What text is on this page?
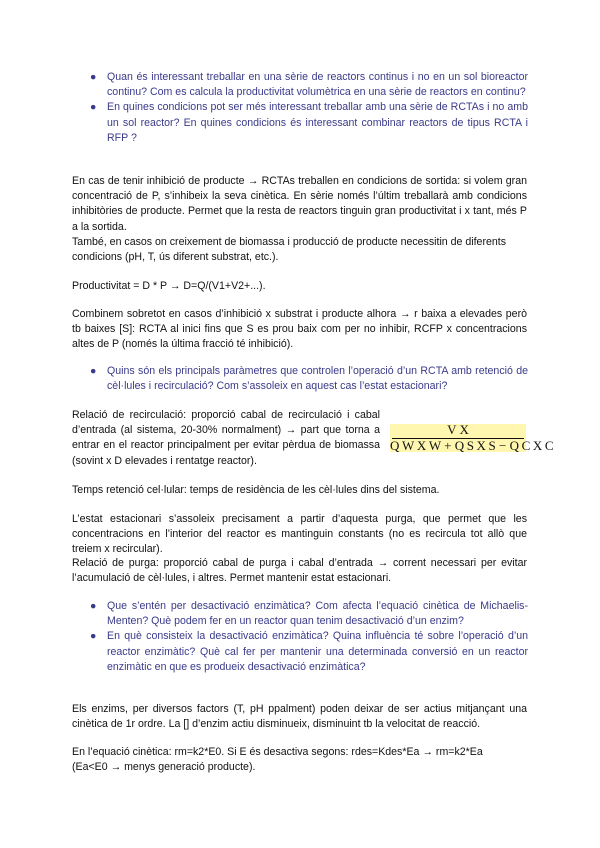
● Quan és interessant treballar en una sèrie de reactors continus i no en un sol bioreactor continu? Com es calcula la productivitat volumètrica en una sèrie de reactors en continu?
● En quines condicions pot ser més interessant treballar amb una sèrie de RCTAs i no amb un sol reactor? En quines condicions és interessant combinar reactors de tipus RCTA i RFP ?

En cas de tenir inhibició de producte → RCTAs treballen en condicions de sortida: si volem gran concentració de P, s’inhibeix la seva cinètica. En sèrie només l’últim treballarà amb condicions inhibitòries de producte. Permet que la resta de reactors tinguin gran productivitat i x tant, més P a la sortida.

També, en casos on creixement de biomassa i producció de producte necessitin de diferents condicions (pH, T, ús diferent substrat, etc.).

Productivitat = D * P → D=Q/(V1+V2+...).

Combinem sobretot en casos d’inhibició x substrat i producte alhora → r baixa a elevades però tb baixes [S]: RCTA al inici fins que S es prou baix com per no inhibir, RCFP x concentracions altes de P (només la última fracció té inhibició).

● Quins són els principals paràmetres que controlen l’operació d’un RCTA amb retenció de cèl·lules i recirculació? Com s’assoleix en aquest cas l’estat estacionari?

Relació de recirculació: proporció cabal de recirculació i cabal d’entrada (al sistema, 20-30% normalment) → part que torna a entrar en el reactor principalment per evitar pèrdua de biomassa (sovint x D elevades i rentatge reactor).

V X
Q W X W + Q S X S − Q C X C

Temps retenció cel·lular: temps de residència de les cèl·lules dins del sistema.

L’estat estacionari s’assoleix precisament a partir d’aquesta purga, que permet que les concentracions en l’interior del reactor es mantinguin constants (no es recircula tot allò que treiem x recircular).

Relació de purga: proporció cabal de purga i cabal d’entrada → corrent necessari per evitar l’acumulació de cèl·lules, i altres. Permet mantenir estat estacionari.

● Que s’entén per desactivació enzimàtica? Com afecta l’equació cinètica de Michaelis-Menten? Què podem fer en un reactor quan tenim desactivació d’un enzim?
● En què consisteix la desactivació enzimàtica? Quina influència té sobre l’operació d’un reactor enzimàtic? Què cal fer per mantenir una determinada conversió en un reactor enzimàtic en que es produeix desactivació enzimàtica?

Els enzims, per diversos factors (T, pH ppalment) poden deixar de ser actius mitjançant una cinètica de 1r ordre. La [] d’enzim actiu disminueix, disminuint tb la velocitat de reacció.

En l’equació cinètica: rm=k2*E0. Si E és desactiva segons: rdes=Kdes*Ea → rm=k2*Ea

(Ea<E0 → menys generació producte).
